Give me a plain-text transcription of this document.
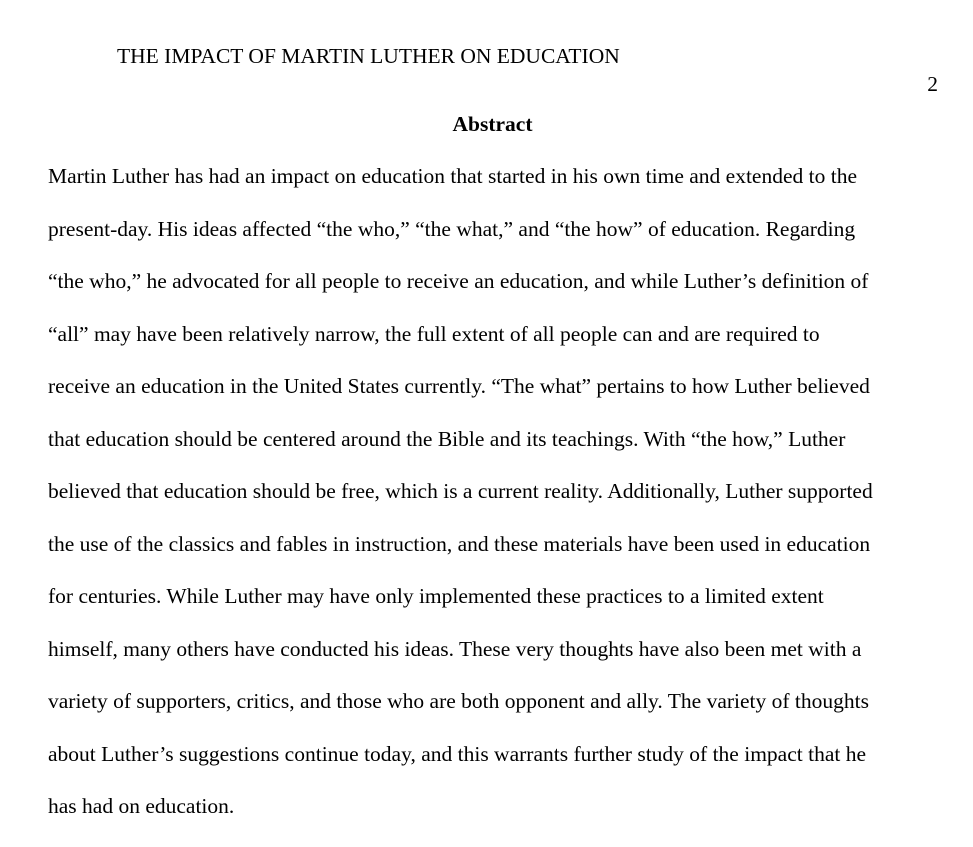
THE IMPACT OF MARTIN LUTHER ON EDUCATION
2
Abstract
Martin Luther has had an impact on education that started in his own time and extended to the
present-day. His ideas affected “the who,” “the what,” and “the how” of education. Regarding
“the who,” he advocated for all people to receive an education, and while Luther’s definition of
“all” may have been relatively narrow, the full extent of all people can and are required to
receive an education in the United States currently. “The what” pertains to how Luther believed
that education should be centered around the Bible and its teachings. With “the how,” Luther
believed that education should be free, which is a current reality. Additionally, Luther supported
the use of the classics and fables in instruction, and these materials have been used in education
for centuries. While Luther may have only implemented these practices to a limited extent
himself, many others have conducted his ideas. These very thoughts have also been met with a
variety of supporters, critics, and those who are both opponent and ally. The variety of thoughts
about Luther’s suggestions continue today, and this warrants further study of the impact that he
has had on education.
